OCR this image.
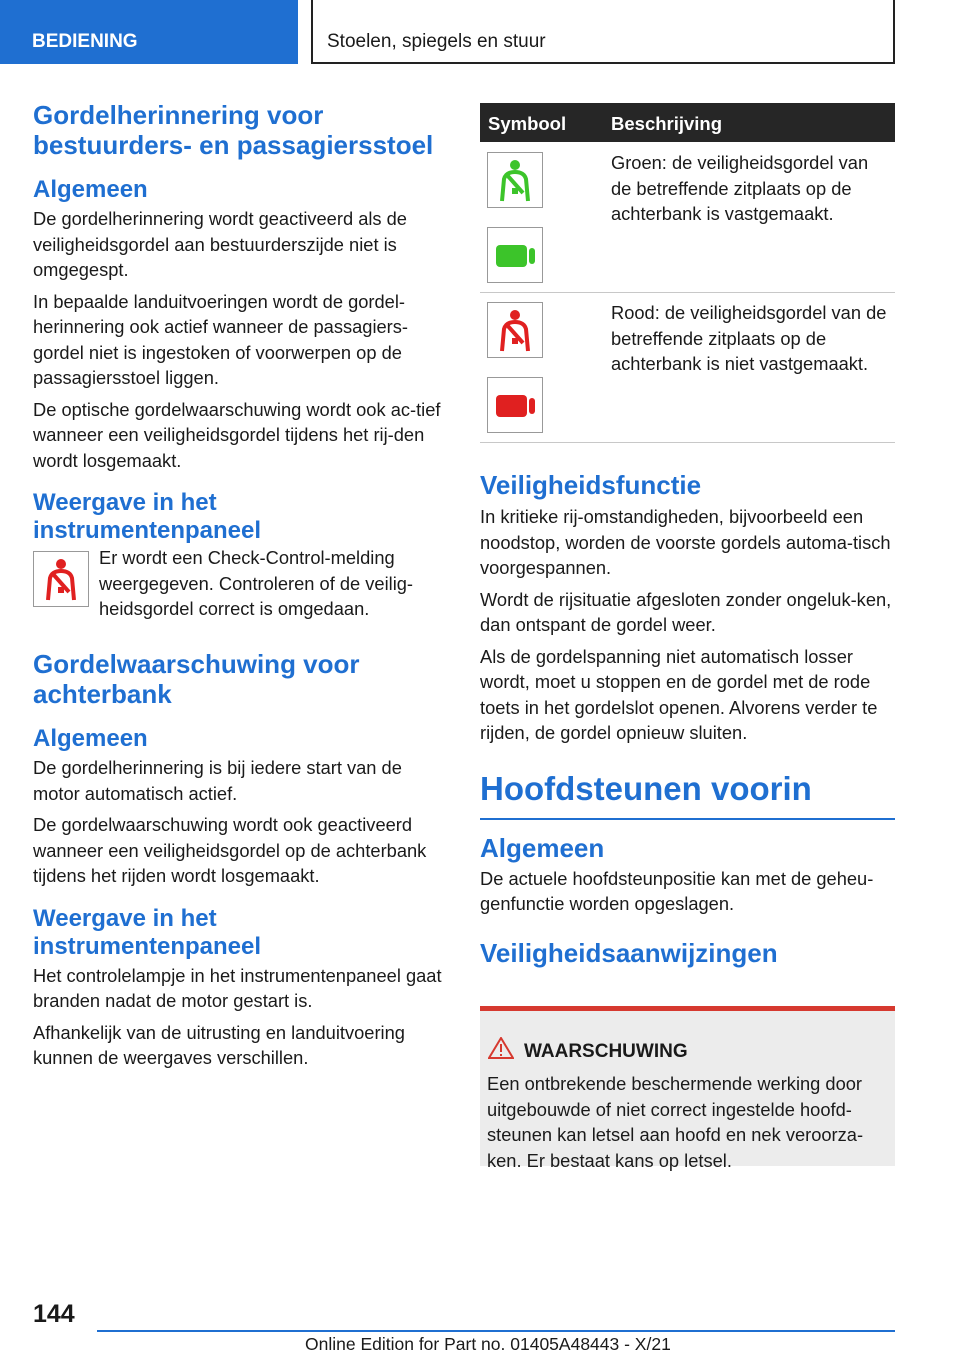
BEDIENING	Stoelen, spiegels en stuur
Gordelherinnering voor bestuurders- en passagiersstoel
Algemeen

De gordelherinnering wordt geactiveerd als de veiligheidsgordel aan bestuurderszijde niet is omgegespt.

In bepaalde landuitvoeringen wordt de gordel-herinnering ook actief wanneer de passagiers-gordel niet is ingestoken of voorwerpen op de passagiersstoel liggen.

De optische gordelwaarschuwing wordt ook ac-tief wanneer een veiligheidsgordel tijdens het rij-den wordt losgemaakt.

Weergave in het instrumentenpaneel

Er wordt een Check-Control-melding weergegeven. Controleren of de veilig-heidsgordel correct is omgedaan.

Gordelwaarschuwing voor achterbank
Algemeen

De gordelherinnering is bij iedere start van de motor automatisch actief.

De gordelwaarschuwing wordt ook geactiveerd wanneer een veiligheidsgordel op de achterbank tijdens het rijden wordt losgemaakt.

Weergave in het instrumentenpaneel

Het controlelampje in het instrumentenpaneel gaat branden nadat de motor gestart is.

Afhankelijk van de uitrusting en landuitvoering kunnen de weergaves verschillen.

Symbool Beschrijving

Groen: de veiligheidsgordel van de betreffende zitplaats op de achterbank is vastgemaakt.

Rood: de veiligheidsgordel van de betreffende zitplaats op de achterbank is niet vastgemaakt.

Veiligheidsfunctie

In kritieke rij-omstandigheden, bijvoorbeeld een noodstop, worden de voorste gordels automa-tisch voorgespannen.

Wordt de rijsituatie afgesloten zonder ongeluk-ken, dan ontspant de gordel weer.

Als de gordelspanning niet automatisch losser wordt, moet u stoppen en de gordel met de rode toets in het gordelslot openen. Alvorens verder te rijden, de gordel opnieuw sluiten.

Hoofdsteunen voorin
Algemeen

De actuele hoofdsteunpositie kan met de geheu-genfunctie worden opgeslagen.

Veiligheidsaanwijzingen
WAARSCHUWING

Een ontbrekende beschermende werking door uitgebouwde of niet correct ingestelde hoofd-steunen kan letsel aan hoofd en nek veroorza-ken. Er bestaat kans op letsel.

144
Online Edition for Part no. 01405A48443 - X/21
